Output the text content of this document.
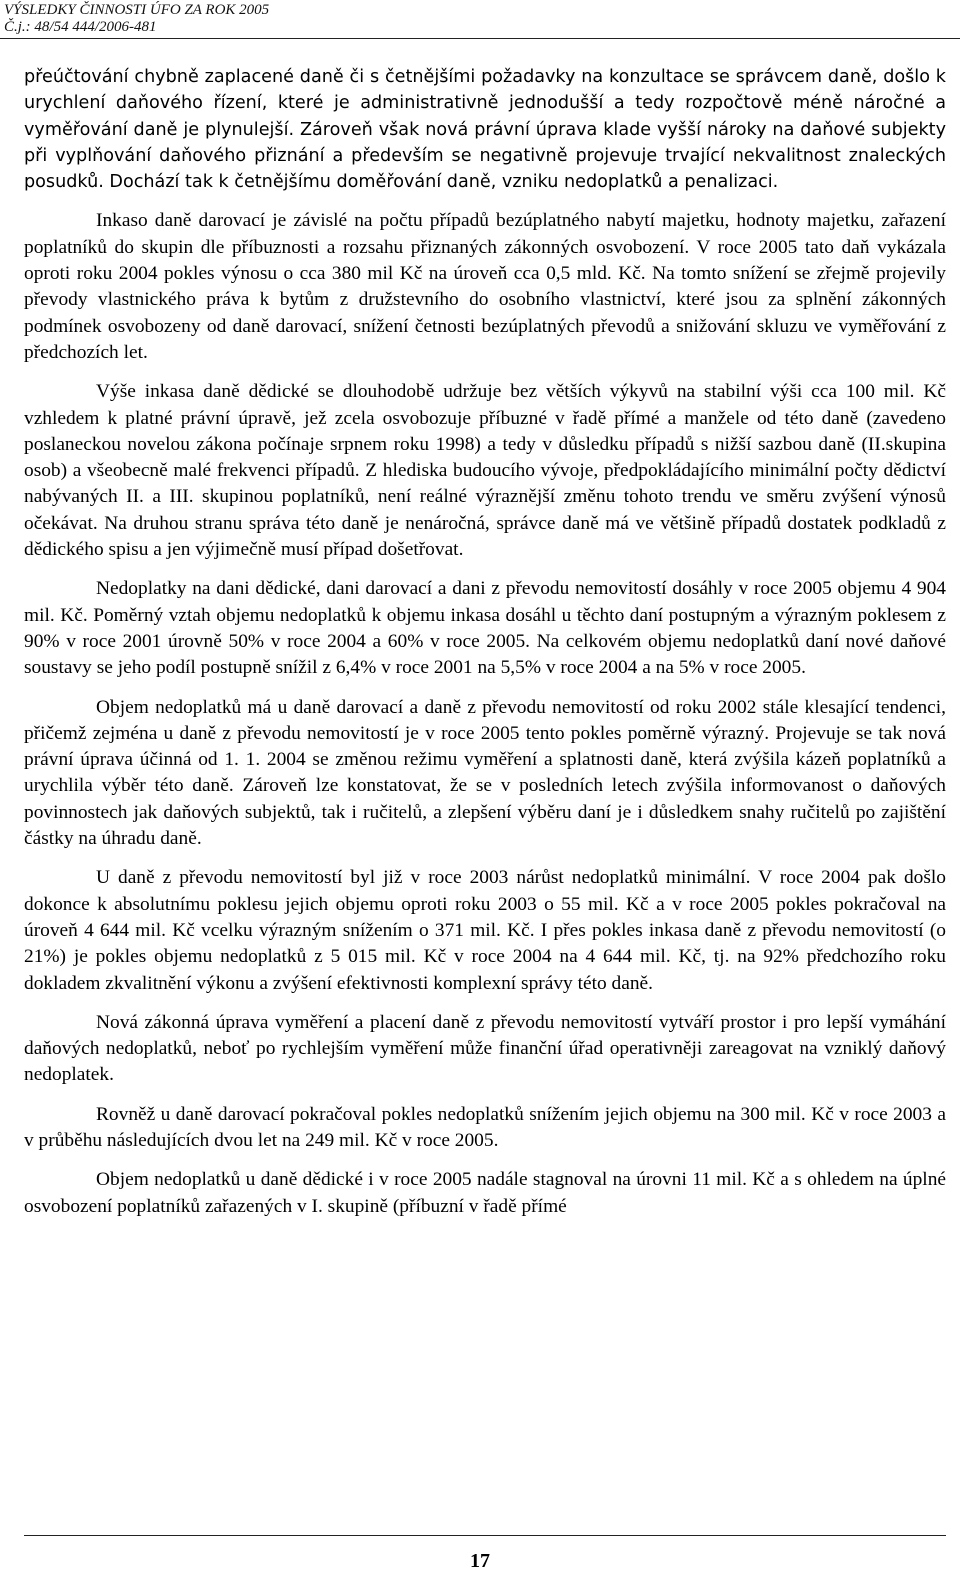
VÝSLEDKY ČINNOSTI ÚFO ZA ROK 2005
Č.j.: 48/54 444/2006-481

přeúčtování chybně zaplacené daně či s četnějšími požadavky na konzultace se správcem daně, došlo k urychlení daňového řízení, které je administrativně jednodušší a tedy rozpočtově méně náročné a vyměřování daně je plynulejší. Zároveň však nová právní úprava klade vyšší nároky na daňové subjekty při vyplňování daňového přiznání a především se negativně projevuje trvající nekvalitnost znaleckých posudků. Dochází tak k četnějšímu doměřování daně, vzniku nedoplatků a penalizaci.

Inkaso daně darovací je závislé na počtu případů bezúplatného nabytí majetku, hodnoty majetku, zařazení poplatníků do skupin dle příbuznosti a rozsahu přiznaných zákonných osvobození. V roce 2005 tato daň vykázala oproti roku 2004 pokles výnosu o cca 380 mil Kč na úroveň cca 0,5 mld. Kč. Na tomto snížení se zřejmě projevily převody vlastnického práva k bytům z družstevního do osobního vlastnictví, které jsou za splnění zákonných podmínek osvobozeny od daně darovací, snížení četnosti bezúplatných převodů a snižování skluzu ve vyměřování z předchozích let.

Výše inkasa daně dědické se dlouhodobě udržuje bez větších výkyvů na stabilní výši cca 100 mil. Kč vzhledem k platné právní úpravě, jež zcela osvobozuje příbuzné v řadě přímé a manžele od této daně (zavedeno poslaneckou novelou zákona počínaje srpnem roku 1998) a tedy v důsledku případů s nižší sazbou daně (II.skupina osob) a všeobecně malé frekvenci případů. Z hlediska budoucího vývoje, předpokládajícího minimální počty dědictví nabývaných II. a III. skupinou poplatníků, není reálné výraznější změnu tohoto trendu ve směru zvýšení výnosů očekávat. Na druhou stranu správa této daně je nenáročná, správce daně má ve většině případů dostatek podkladů z dědického spisu a jen výjimečně musí případ došetřovat.

Nedoplatky na dani dědické, dani darovací a dani z převodu nemovitostí dosáhly v roce 2005 objemu 4 904 mil. Kč. Poměrný vztah objemu nedoplatků k objemu inkasa dosáhl u těchto daní postupným a výrazným poklesem z 90% v roce 2001 úrovně 50% v roce 2004 a 60% v roce 2005. Na celkovém objemu nedoplatků daní nové daňové soustavy se jeho podíl postupně snížil z 6,4% v roce 2001 na 5,5% v roce 2004 a na 5% v roce 2005.

Objem nedoplatků má u daně darovací a daně z převodu nemovitostí od roku 2002 stále klesající tendenci, přičemž zejména u daně z převodu nemovitostí je v roce 2005 tento pokles poměrně výrazný. Projevuje se tak nová právní úprava účinná od 1. 1. 2004 se změnou režimu vyměření a splatnosti daně, která zvýšila kázeň poplatníků a urychlila výběr této daně. Zároveň lze konstatovat, že se v posledních letech zvýšila informovanost o daňových povinnostech jak daňových subjektů, tak i ručitelů, a zlepšení výběru daní je i důsledkem snahy ručitelů po zajištění částky na úhradu daně.

U daně z převodu nemovitostí byl již v roce 2003 nárůst nedoplatků minimální. V roce 2004 pak došlo dokonce k absolutnímu poklesu jejich objemu oproti roku 2003 o 55 mil. Kč a v roce 2005 pokles pokračoval na úroveň 4 644 mil. Kč vcelku výrazným snížením o 371 mil. Kč. I přes pokles inkasa daně z převodu nemovitostí (o 21%) je pokles objemu nedoplatků z 5 015 mil. Kč v roce 2004 na 4 644 mil. Kč, tj. na 92% předchozího roku dokladem zkvalitnění výkonu a zvýšení efektivnosti komplexní správy této daně.

Nová zákonná úprava vyměření a placení daně z převodu nemovitostí vytváří prostor i pro lepší vymáhání daňových nedoplatků, neboť po rychlejším vyměření může finanční úřad operativněji zareagovat na vzniklý daňový nedoplatek.

Rovněž u daně darovací pokračoval pokles nedoplatků snížením jejich objemu na 300 mil. Kč v roce 2003 a v průběhu následujících dvou let na 249 mil. Kč v roce 2005.

Objem nedoplatků u daně dědické i v roce 2005 nadále stagnoval na úrovni 11 mil. Kč a s ohledem na úplné osvobození poplatníků zařazených v I. skupině (příbuzní v řadě přímé

17
